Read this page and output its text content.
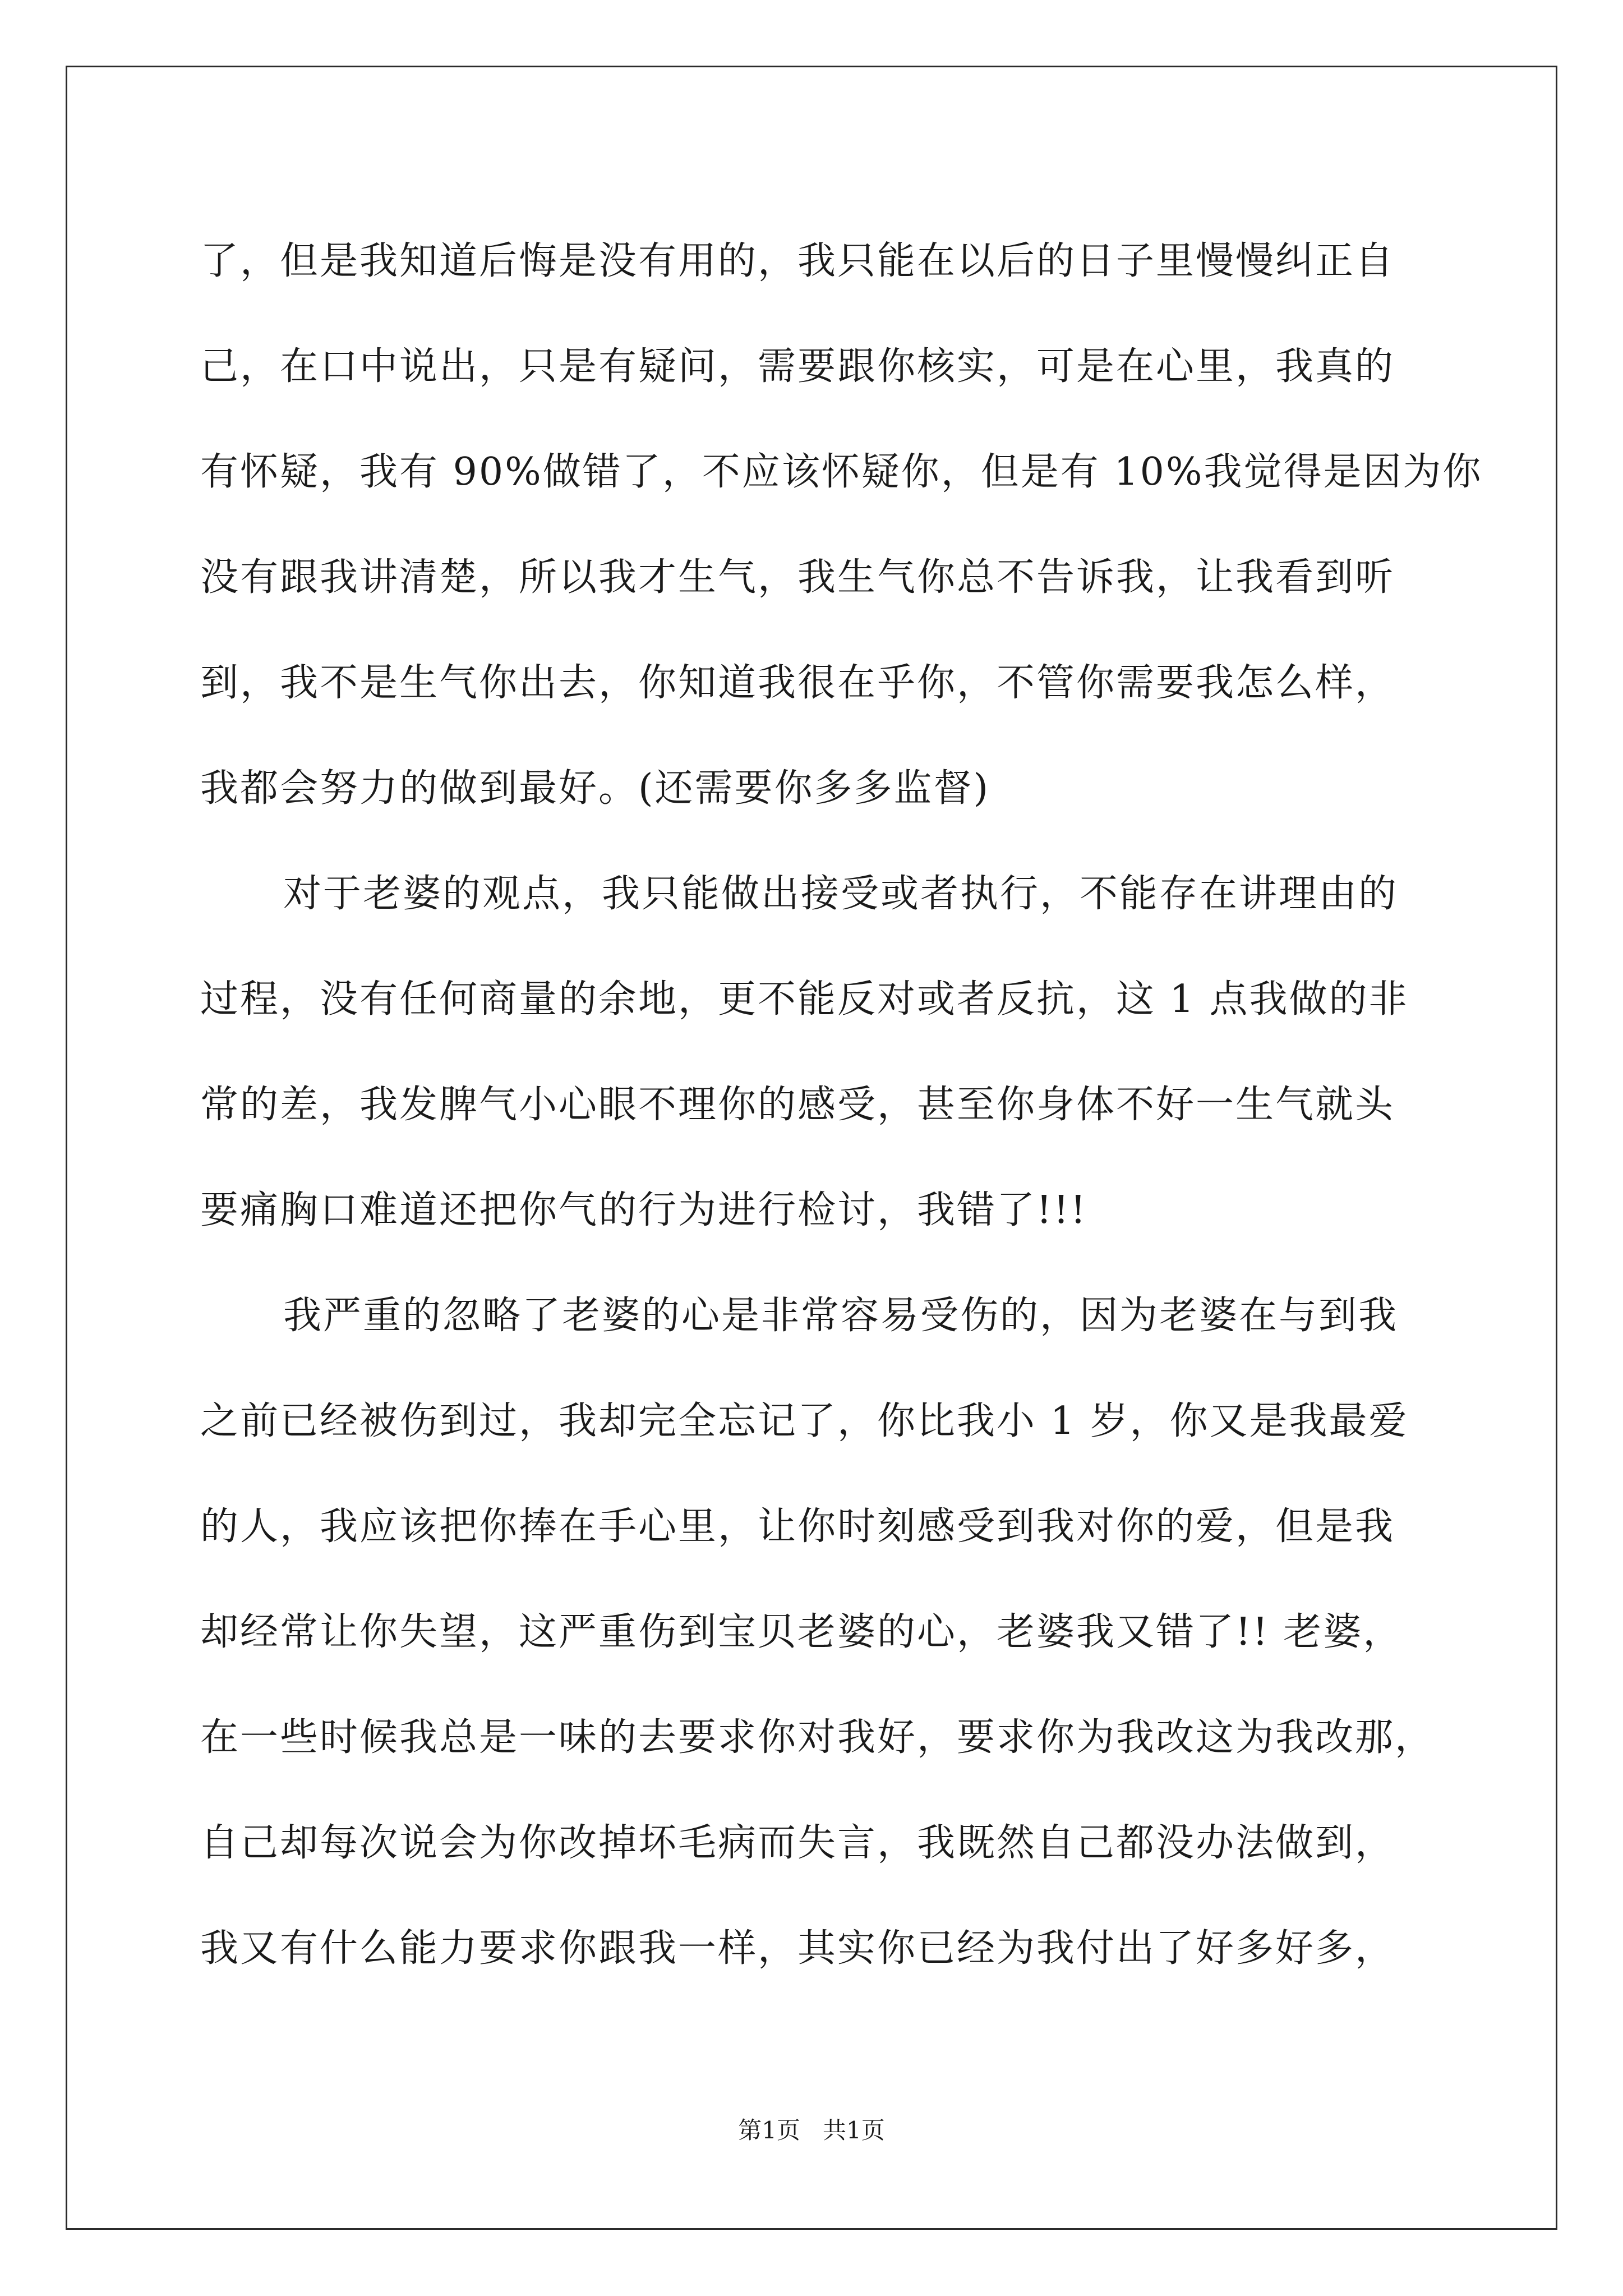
了，但是我知道后悔是没有用的，我只能在以后的日子里慢慢纠正自
己，在口中说出，只是有疑问，需要跟你核实，可是在心里，我真的
有怀疑，我有 90%做错了，不应该怀疑你，但是有 10%我觉得是因为你
没有跟我讲清楚，所以我才生气，我生气你总不告诉我，让我看到听
到，我不是生气你出去，你知道我很在乎你，不管你需要我怎么样，
我都会努力的做到最好。(还需要你多多监督)
对于老婆的观点，我只能做出接受或者执行，不能存在讲理由的
过程，没有任何商量的余地，更不能反对或者反抗，这 1 点我做的非
常的差，我发脾气小心眼不理你的感受，甚至你身体不好一生气就头
要痛胸口难道还把你气的行为进行检讨，我错了!!!
我严重的忽略了老婆的心是非常容易受伤的，因为老婆在与到我
之前已经被伤到过，我却完全忘记了，你比我小 1 岁，你又是我最爱
的人，我应该把你捧在手心里，让你时刻感受到我对你的爱，但是我
却经常让你失望，这严重伤到宝贝老婆的心，老婆我又错了!! 老婆，
在一些时候我总是一味的去要求你对我好，要求你为我改这为我改那，
自己却每次说会为你改掉坏毛病而失言，我既然自己都没办法做到，
我又有什么能力要求你跟我一样，其实你已经为我付出了好多好多，
第1页   共1页
